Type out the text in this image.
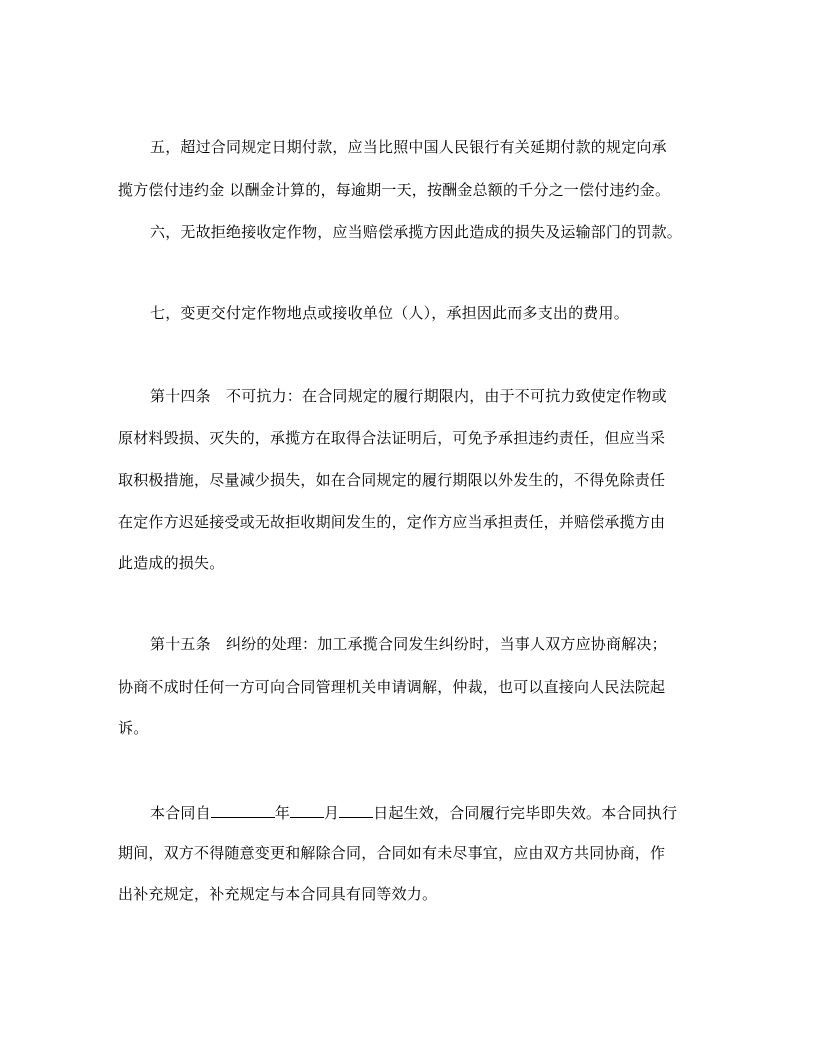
五，超过合同规定日期付款，应当比照中国人民银行有关延期付款的规定向承
揽方偿付违约金 以酬金计算的，每逾期一天，按酬金总额的千分之一偿付违约金。
六，无故拒绝接收定作物，应当赔偿承揽方因此造成的损失及运输部门的罚款。
七，变更交付定作物地点或接收单位（人），承担因此而多支出的费用。
第十四条　不可抗力：在合同规定的履行期限内，由于不可抗力致使定作物或
原材料毁损、灭失的，承揽方在取得合法证明后，可免予承担违约责任，但应当采
取积极措施，尽量减少损失，如在合同规定的履行期限以外发生的，不得免除责任
在定作方迟延接受或无故拒收期间发生的，定作方应当承担责任，并赔偿承揽方由
此造成的损失。
第十五条　纠纷的处理：加工承揽合同发生纠纷时，当事人双方应协商解决；
协商不成时任何一方可向合同管理机关申请调解，仲裁，也可以直接向人民法院起
诉。
本合同自	年 月 日起生效，合同履行完毕即失效。本合同执行
期间，双方不得随意变更和解除合同，合同如有未尽事宜，应由双方共同协商，作
出补充规定，补充规定与本合同具有同等效力。
